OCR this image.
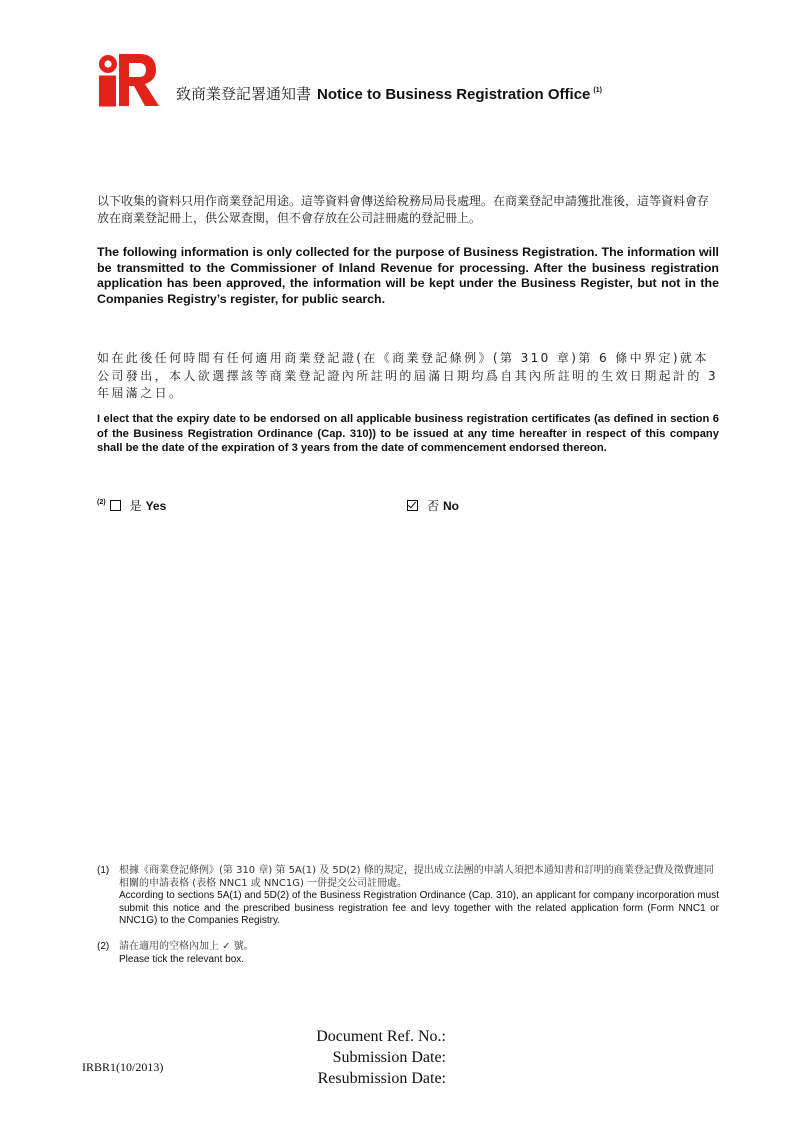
致商業登記署通知書 Notice to Business Registration Office $^{(1)}$
以下收集的資料只用作商業登記用途。這等資料會傳送給稅務局局長處理。在商業登記申請獲批准後，這等資料會存放在商業登記冊上，供公眾查閱，但不會存放在公司註冊處的登記冊上。
The following information is only collected for the purpose of Business Registration. The information will be transmitted to the Commissioner of Inland Revenue for processing. After the business registration application has been approved, the information will be kept under the Business Register, but not in the Companies Registry’s register, for public search.
如在此後任何時間有任何適用商業登記證(在《商業登記條例》(第 310 章)第 6 條中界定)就本公司發出，本人欲選擇該等商業登記證內所註明的屆滿日期均爲自其內所註明的生效日期起計的 3 年屆滿之日。
I elect that the expiry date to be endorsed on all applicable business registration certificates (as defined in section 6 of the Business Registration Ordinance (Cap. 310)) to be issued at any time hereafter in respect of this company shall be the date of the expiration of 3 years from the date of commencement endorsed thereon.
$^{(2)}$ 是 Yes	否 No
(1) 根據《商業登記條例》(第 310 章) 第 5A(1) 及 5D(2) 條的規定，提出成立法團的申請人須把本通知書和訂明的商業登記費及徵費連同相關的申請表格 (表格 NNC1 或 NNC1G) 一併提交公司註冊處。
According to sections 5A(1) and 5D(2) of the Business Registration Ordinance (Cap. 310), an applicant for company incorporation must submit this notice and the prescribed business registration fee and levy together with the related application form (Form NNC1 or NNC1G) to the Companies Registry.
(2) 請在適用的空格內加上 ✓ 號。
Please tick the relevant box.
IRBR1(10/2013)
Document Ref. No.:
Submission Date:
Resubmission Date:
